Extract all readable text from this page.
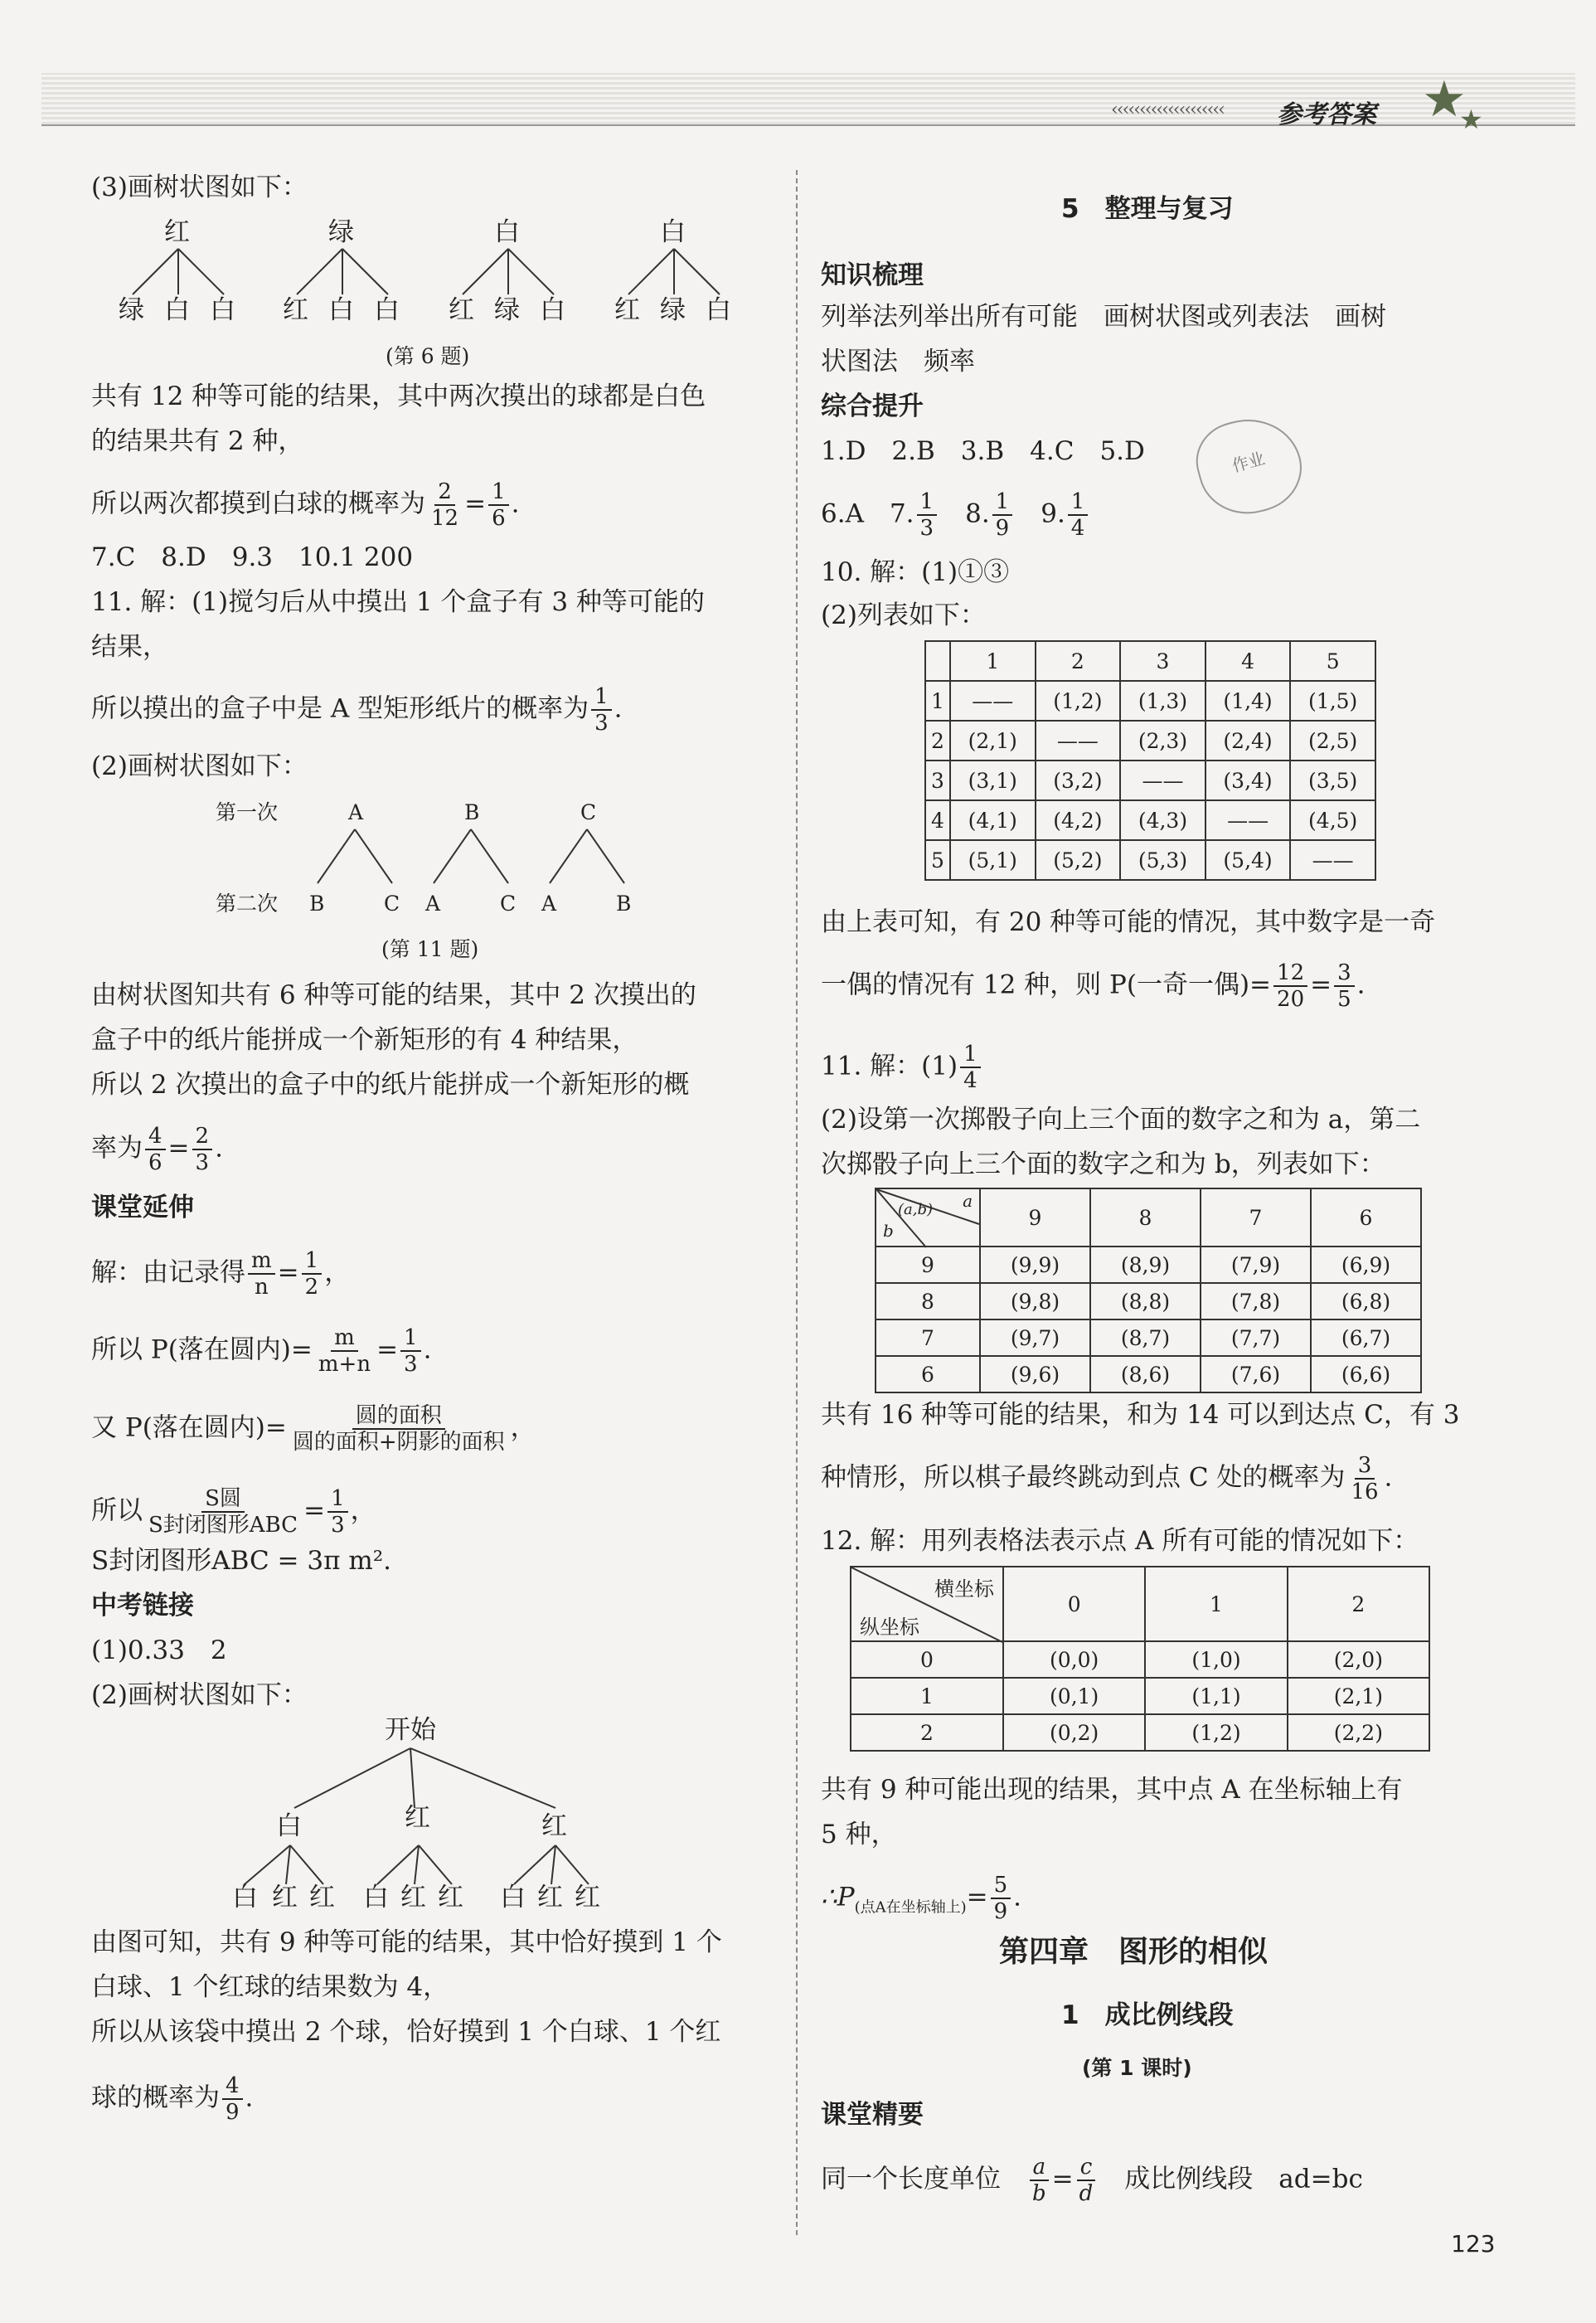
‹‹‹‹‹‹‹‹‹‹‹‹‹‹‹‹‹‹‹‹ 参考答案 ★
★
(3)画树状图如下：
红	绿	白	白
绿 白 白 红 白 白 红 绿 白 红 绿 白
(第 6 题)
共有 12 种等可能的结果，其中两次摸出的球都是白色
的结果共有 2 种，
所以两次都摸到白球的概率为 $\frac{2}{12} = \frac{1}{6}$ .
7.C　8.D　9.3　10.1 200
11. 解：(1)搅匀后从中摸出 1 个盒子有 3 种等可能的
结果，
所以摸出的盒子中是 A 型矩形纸片的概率为 $\frac{1}{3}$ .
(2)画树状图如下：
第一次	A	B	C
第二次 B	C A	C A	B
(第 11 题)
由树状图知共有 6 种等可能的结果，其中 2 次摸出的
盒子中的纸片能拼成一个新矩形的有 4 种结果，
所以 2 次摸出的盒子中的纸片能拼成一个新矩形的概
率为 $\frac{4}{6} = \frac{2}{3}$ .
课堂延伸
解：由记录得 $\frac{m}{n} = \frac{1}{2}$ ，
所以 P(落在圆内)= $\frac{m}{m+n} = \frac{1}{3}$ .
又 P(落在圆内)= $\frac{\text{圆的面积}}{\text{圆的面积+阴影的面积}}$ ，
所以 $\frac{\text{S圆}}{\text{S封闭图形ABC}} = \frac{1}{3}$ ，
S封闭图形ABC = 3π m².
中考链接
(1)0.33　2
(2)画树状图如下：
开始
白	红	红
白 红 红 白 红 红 白 红 红
由图可知，共有 9 种等可能的结果，其中恰好摸到 1 个
白球、1 个红球的结果数为 4，
所以从该袋中摸出 2 个球，恰好摸到 1 个白球、1 个红
球的概率为 $\frac{4}{9}$ .
5　整理与复习
知识梳理
列举法列举出所有可能　画树状图或列表法　画树
状图法　频率
综合提升
1.D　2.B　3.B　4.C　5.D
6.A　7. $\frac{1}{3}$
　 8. $\frac{1}{9}$
　 9. $\frac{1}{4}$
作业
10. 解：(1)①③
(2)列表如下：
	1	2	3	4	5
1	——	(1,2)	(1,3)	(1,4)	(1,5)
2	(2,1)	——	(2,3)	(2,4)	(2,5)
3	(3,1)	(3,2)	——	(3,4)	(3,5)
4	(4,1)	(4,2)	(4,3)	——	(4,5)
5	(5,1)	(5,2)	(5,3)	(5,4)	——
由上表可知，有 20 种等可能的情况，其中数字是一奇
一偶的情况有 12 种，则 P(一奇一偶)= $\frac{12}{20} = \frac{3}{5}$ .
11. 解：$(1) \frac{1}{4}$
(2)设第一次掷骰子向上三个面的数字之和为 a，第二
次掷骰子向上三个面的数字之和为 b，列表如下：
a
(a,b)
b	9	8	7	6
9	(9,9)	(8,9)	(7,9)	(6,9)
8	(9,8)	(8,8)	(7,8)	(6,8)
7	(9,7)	(8,7)	(7,7)	(6,7)
6	(9,6)	(8,6)	(7,6)	(6,6)
共有 16 种等可能的结果，和为 14 可以到达点 C，有 3
种情形，所以棋子最终跳动到点 C 处的概率为 $\frac{3}{16}$ .
12. 解：用列表格法表示点 A 所有可能的情况如下：
横坐标
纵坐标	0	1	2
0	(0,0)	(1,0)	(2,0)
1	(0,1)	(1,1)	(2,1)
2	(0,2)	(1,2)	(2,2)
共有 9 种可能出现的结果，其中点 A 在坐标轴上有
5 种，
$\therefore P_{(点A在坐标轴上)}= \frac{5}{9}$ .
第四章　图形的相似
1　成比例线段
(第 1 课时)
课堂精要
同一个长度单位　 $\frac{a}{b} = \frac{c}{d}$
　 成比例线段　ad=bc
123
